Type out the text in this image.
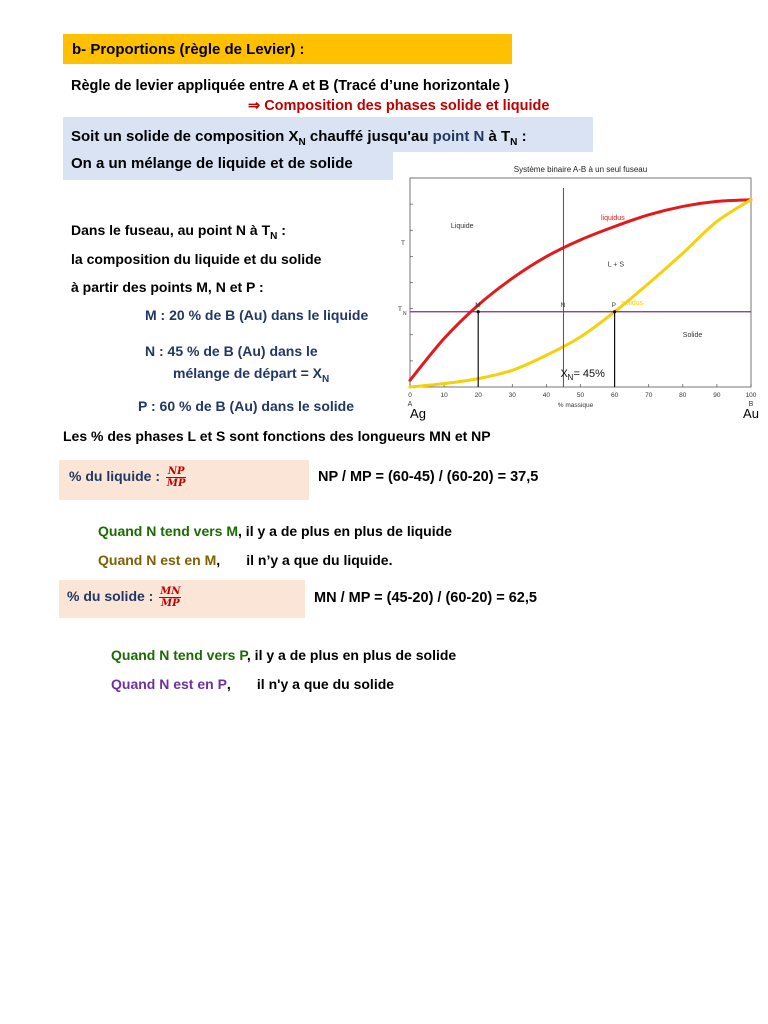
b- Proportions (règle de Levier) :
Règle de levier appliquée entre A et B (Tracé d’une horizontale )
⇒ Composition des phases solide et liquide
Soit un solide de composition $X_N$ chauffé jusqu'au point N à $T_N$ :
On a un mélange de liquide et de solide
Dans le fuseau, au point N à $T_N$ :
la composition du liquide et du solide
à partir des points M, N et P :
M : 20 % de B (Au) dans le liquide
N : 45 % de B (Au) dans le
mélange de départ = $X_N$
P : 60 % de B (Au) dans le solide
Les % des phases L et S sont fonctions des longueurs MN et NP
% du liquide : $\frac{NP}{MP}$	NP / MP = (60-45) / (60-20) = 37,5
Quand N tend vers M, il y a de plus en plus de liquide
Quand N est en M, il n’y a que du liquide.
% du solide : $\frac{MN}{MP}$	MN / MP = (45-20) / (60-20) = 62,5
Quand N tend vers P, il y a de plus en plus de solide
Quand N est en P, il n'y a que du solide
Système binaire A-B à un seul fuseau
0	10	20	30	40	50	60	70	80	90	100
T
T
N
% massique
A	B
Ag	Au
liquidus
solidus
Liquide
L + S
Solide
M	N	P
X N = 45%
